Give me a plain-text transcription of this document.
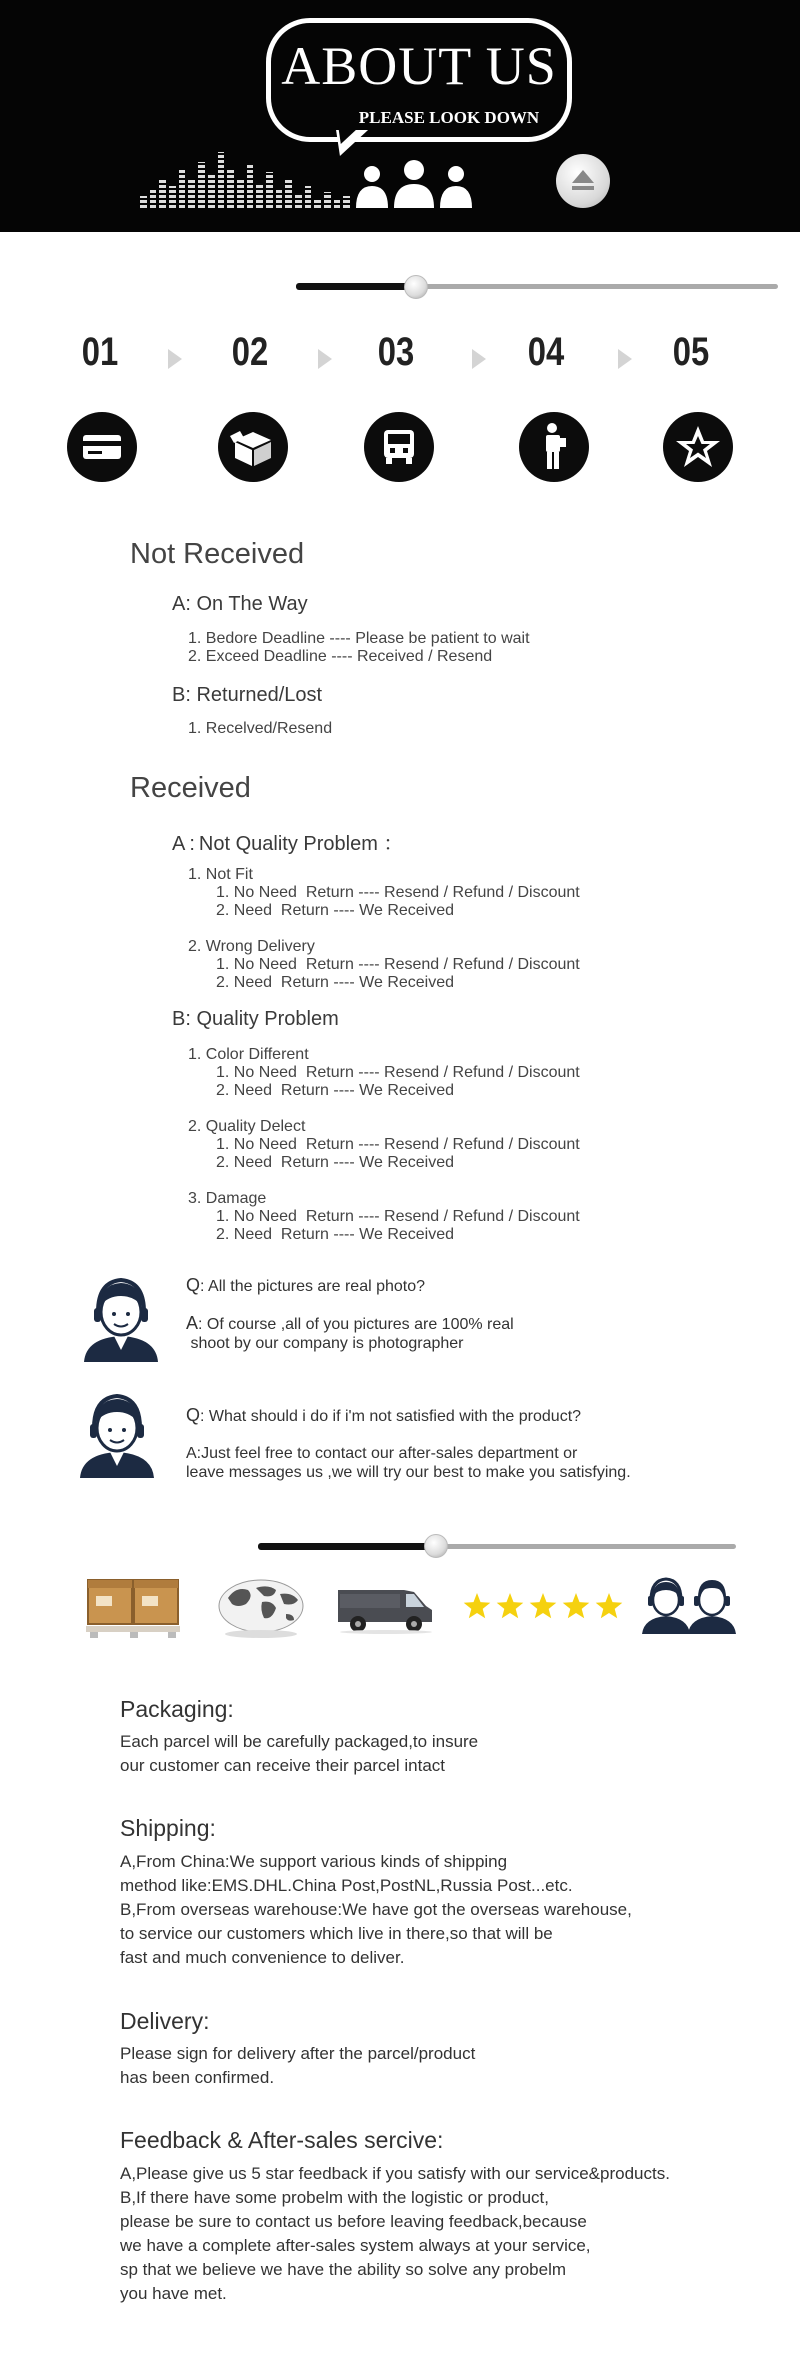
ABOUT US
PLEASE LOOK DOWN
01	02	03	04	05
Not Received
A: On The Way
1. Bedore Deadline ---- Please be patient to wait
2. Exceed Deadline ---- Received / Resend
B: Returned/Lost
1. Recelved/Resend
Received
A : Not Quality Problem ：
1. Not Fit
1. No Need  Return ---- Resend / Refund / Discount
2. Need  Return ---- We Received
2. Wrong Delivery
1. No Need  Return ---- Resend / Refund / Discount
2. Need  Return ---- We Received
B: Quality Problem
1. Color Different
1. No Need  Return ---- Resend / Refund / Discount
2. Need  Return ---- We Received
2. Quality Delect
1. No Need  Return ---- Resend / Refund / Discount
2. Need  Return ---- We Received
3. Damage
1. No Need  Return ---- Resend / Refund / Discount
2. Need  Return ---- We Received
Q: All the pictures are real photo?
A: Of course ,all of you pictures are 100% real
shoot by our company is photographer
Q: What should i do if i'm not satisfied with the product?
A:Just feel free to contact our after-sales department or
leave messages us ,we will try our best to make you satisfying.
Packaging:
Each parcel will be carefully packaged,to insure
our customer can receive their parcel intact
Shipping:
A,From China:We support various kinds of shipping
method like:EMS.DHL.China Post,PostNL,Russia Post...etc.
B,From overseas warehouse:We have got the overseas warehouse,
to service our customers which live in there,so that will be
fast and much convenience to deliver.
Delivery:
Please sign for delivery after the parcel/product
has been confirmed.
Feedback & After-sales sercive:
A,Please give us 5 star feedback if you satisfy with our service&products.
B,If there have some probelm with the logistic or product,
please be sure to contact us before leaving feedback,because
we have a complete after-sales system always at your service,
sp that we believe we have the ability so solve any probelm
you have met.
